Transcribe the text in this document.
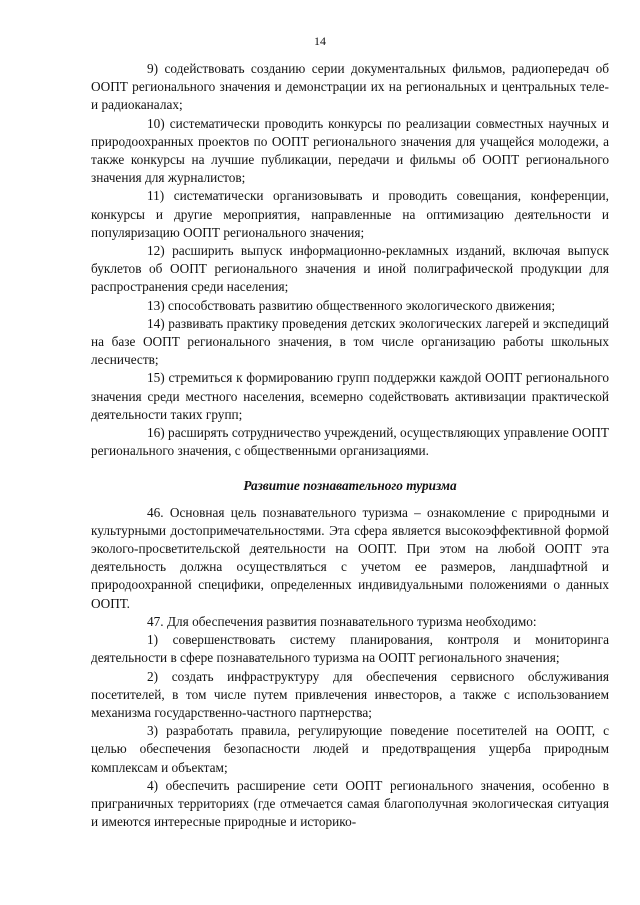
14

9) содействовать созданию серии документальных фильмов, радиопередач об ООПТ регионального значения и демонстрации их на региональных и центральных теле- и радиоканалах;

10) систематически проводить конкурсы по реализации совместных научных и природоохранных проектов по ООПТ регионального значения для учащейся молодежи, а также конкурсы на лучшие публикации, передачи и фильмы об ООПТ регионального значения для журналистов;

11) систематически организовывать и проводить совещания, конференции, конкурсы и другие мероприятия, направленные на оптимизацию деятельности и популяризацию ООПТ регионального значения;

12) расширить выпуск информационно-рекламных изданий, включая выпуск буклетов об ООПТ регионального значения и иной полиграфической продукции для распространения среди населения;

13) способствовать развитию общественного экологического движения;

14) развивать практику проведения детских экологических лагерей и экспедиций на базе ООПТ регионального значения, в том числе организацию работы школьных лесничеств;

15) стремиться к формированию групп поддержки каждой ООПТ регионального значения среди местного населения, всемерно содействовать активизации практической деятельности таких групп;

16) расширять сотрудничество учреждений, осуществляющих управление ООПТ регионального значения, с общественными организациями.

Развитие познавательного туризма

46. Основная цель познавательного туризма – ознакомление с природными и культурными достопримечательностями. Эта сфера является высокоэффективной формой эколого-просветительской деятельности на ООПТ. При этом на любой ООПТ эта деятельность должна осуществляться с учетом ее размеров, ландшафтной и природоохранной специфики, определенных индивидуальными положениями о данных ООПТ.

47. Для обеспечения развития познавательного туризма необходимо:

1) совершенствовать систему планирования, контроля и мониторинга деятельности в сфере познавательного туризма на ООПТ регионального значения;

2) создать инфраструктуру для обеспечения сервисного обслуживания посетителей, в том числе путем привлечения инвесторов, а также с использованием механизма государственно-частного партнерства;

3) разработать правила, регулирующие поведение посетителей на ООПТ, с целью обеспечения безопасности людей и предотвращения ущерба природным комплексам и объектам;

4) обеспечить расширение сети ООПТ регионального значения, особенно в приграничных территориях (где отмечается самая благополучная экологическая ситуация и имеются интересные природные и историко-
